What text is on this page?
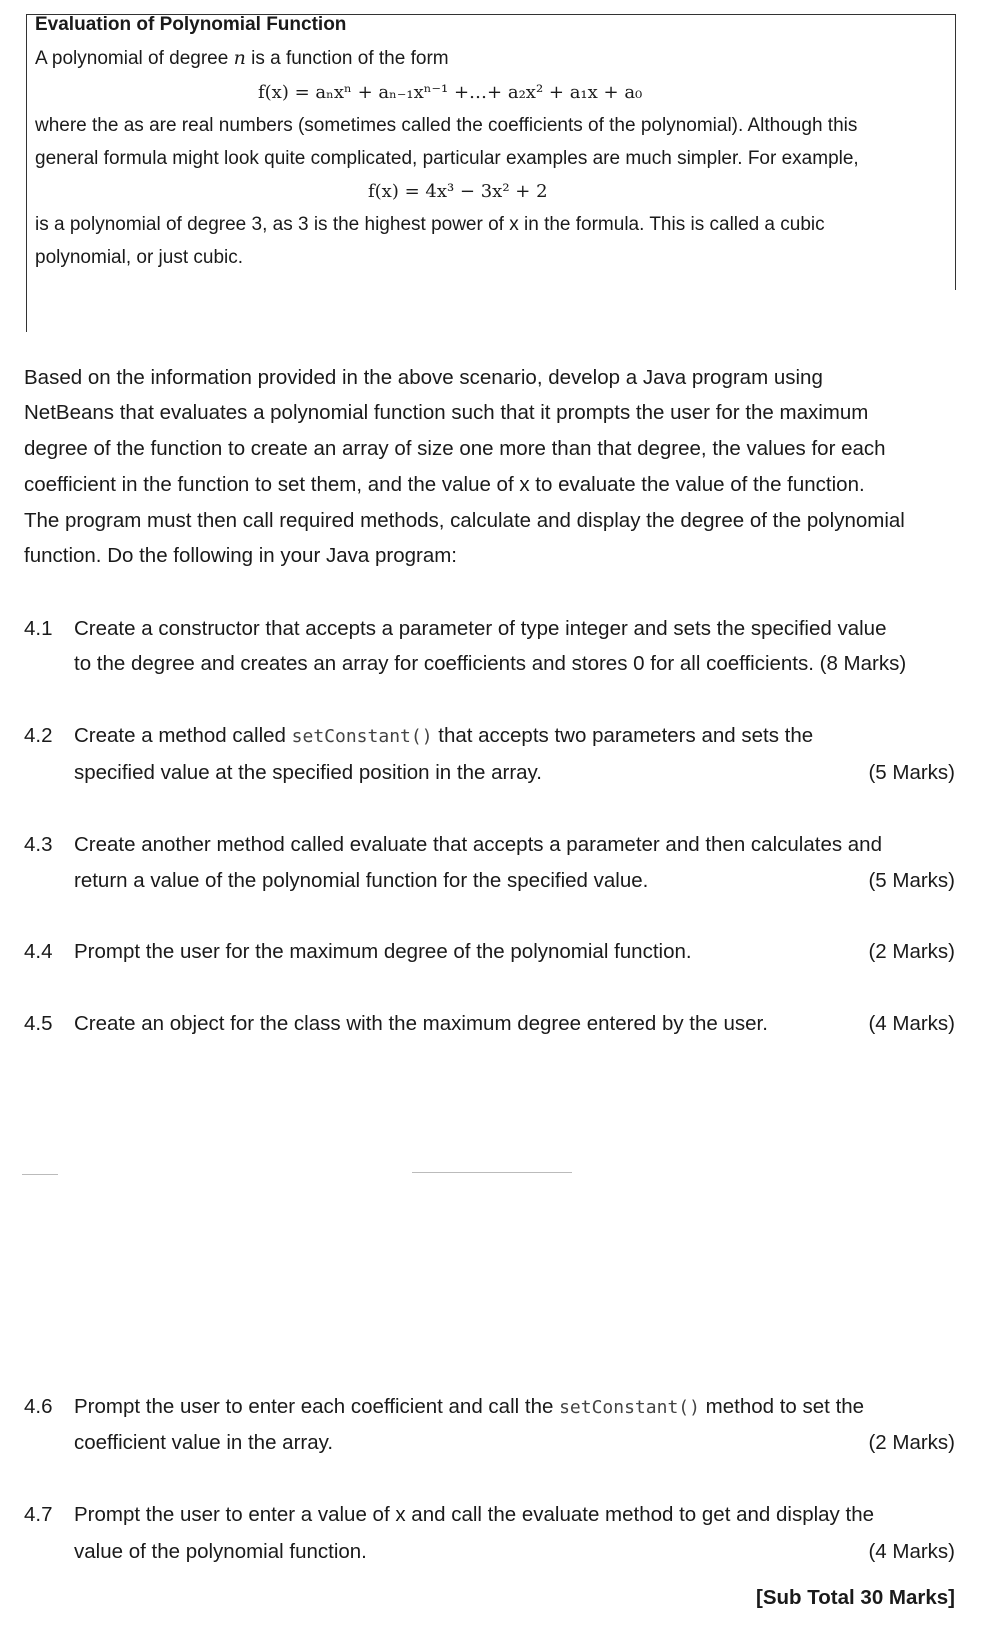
Evaluation of Polynomial Function
A polynomial of degree n is a function of the form
f(x) = aₙxⁿ + aₙ₋₁xⁿ⁻¹ +…+ a₂x² + a₁x + a₀
where the as are real numbers (sometimes called the coefficients of the polynomial). Although this
general formula might look quite complicated, particular examples are much simpler. For example,
f(x) = 4x³ − 3x² + 2
is a polynomial of degree 3, as 3 is the highest power of x in the formula. This is called a cubic
polynomial, or just cubic.
Based on the information provided in the above scenario, develop a Java program using
NetBeans that evaluates a polynomial function such that it prompts the user for the maximum
degree of the function to create an array of size one more than that degree, the values for each
coefficient in the function to set them, and the value of x to evaluate the value of the function.
The program must then call required methods, calculate and display the degree of the polynomial
function. Do the following in your Java program:
4.1 Create a constructor that accepts a parameter of type integer and sets the specified value
to the degree and creates an array for coefficients and stores 0 for all coefficients. (8 Marks)
4.2 Create a method called setConstant() that accepts two parameters and sets the
specified value at the specified position in the array.	(5 Marks)
4.3 Create another method called evaluate that accepts a parameter and then calculates and
return a value of the polynomial function for the specified value.	(5 Marks)
4.4 Prompt the user for the maximum degree of the polynomial function.	(2 Marks)
4.5 Create an object for the class with the maximum degree entered by the user.	(4 Marks)
4.6 Prompt the user to enter each coefficient and call the setConstant() method to set the
coefficient value in the array.	(2 Marks)
4.7 Prompt the user to enter a value of x and call the evaluate method to get and display the
value of the polynomial function.	(4 Marks)
[Sub Total 30 Marks]
